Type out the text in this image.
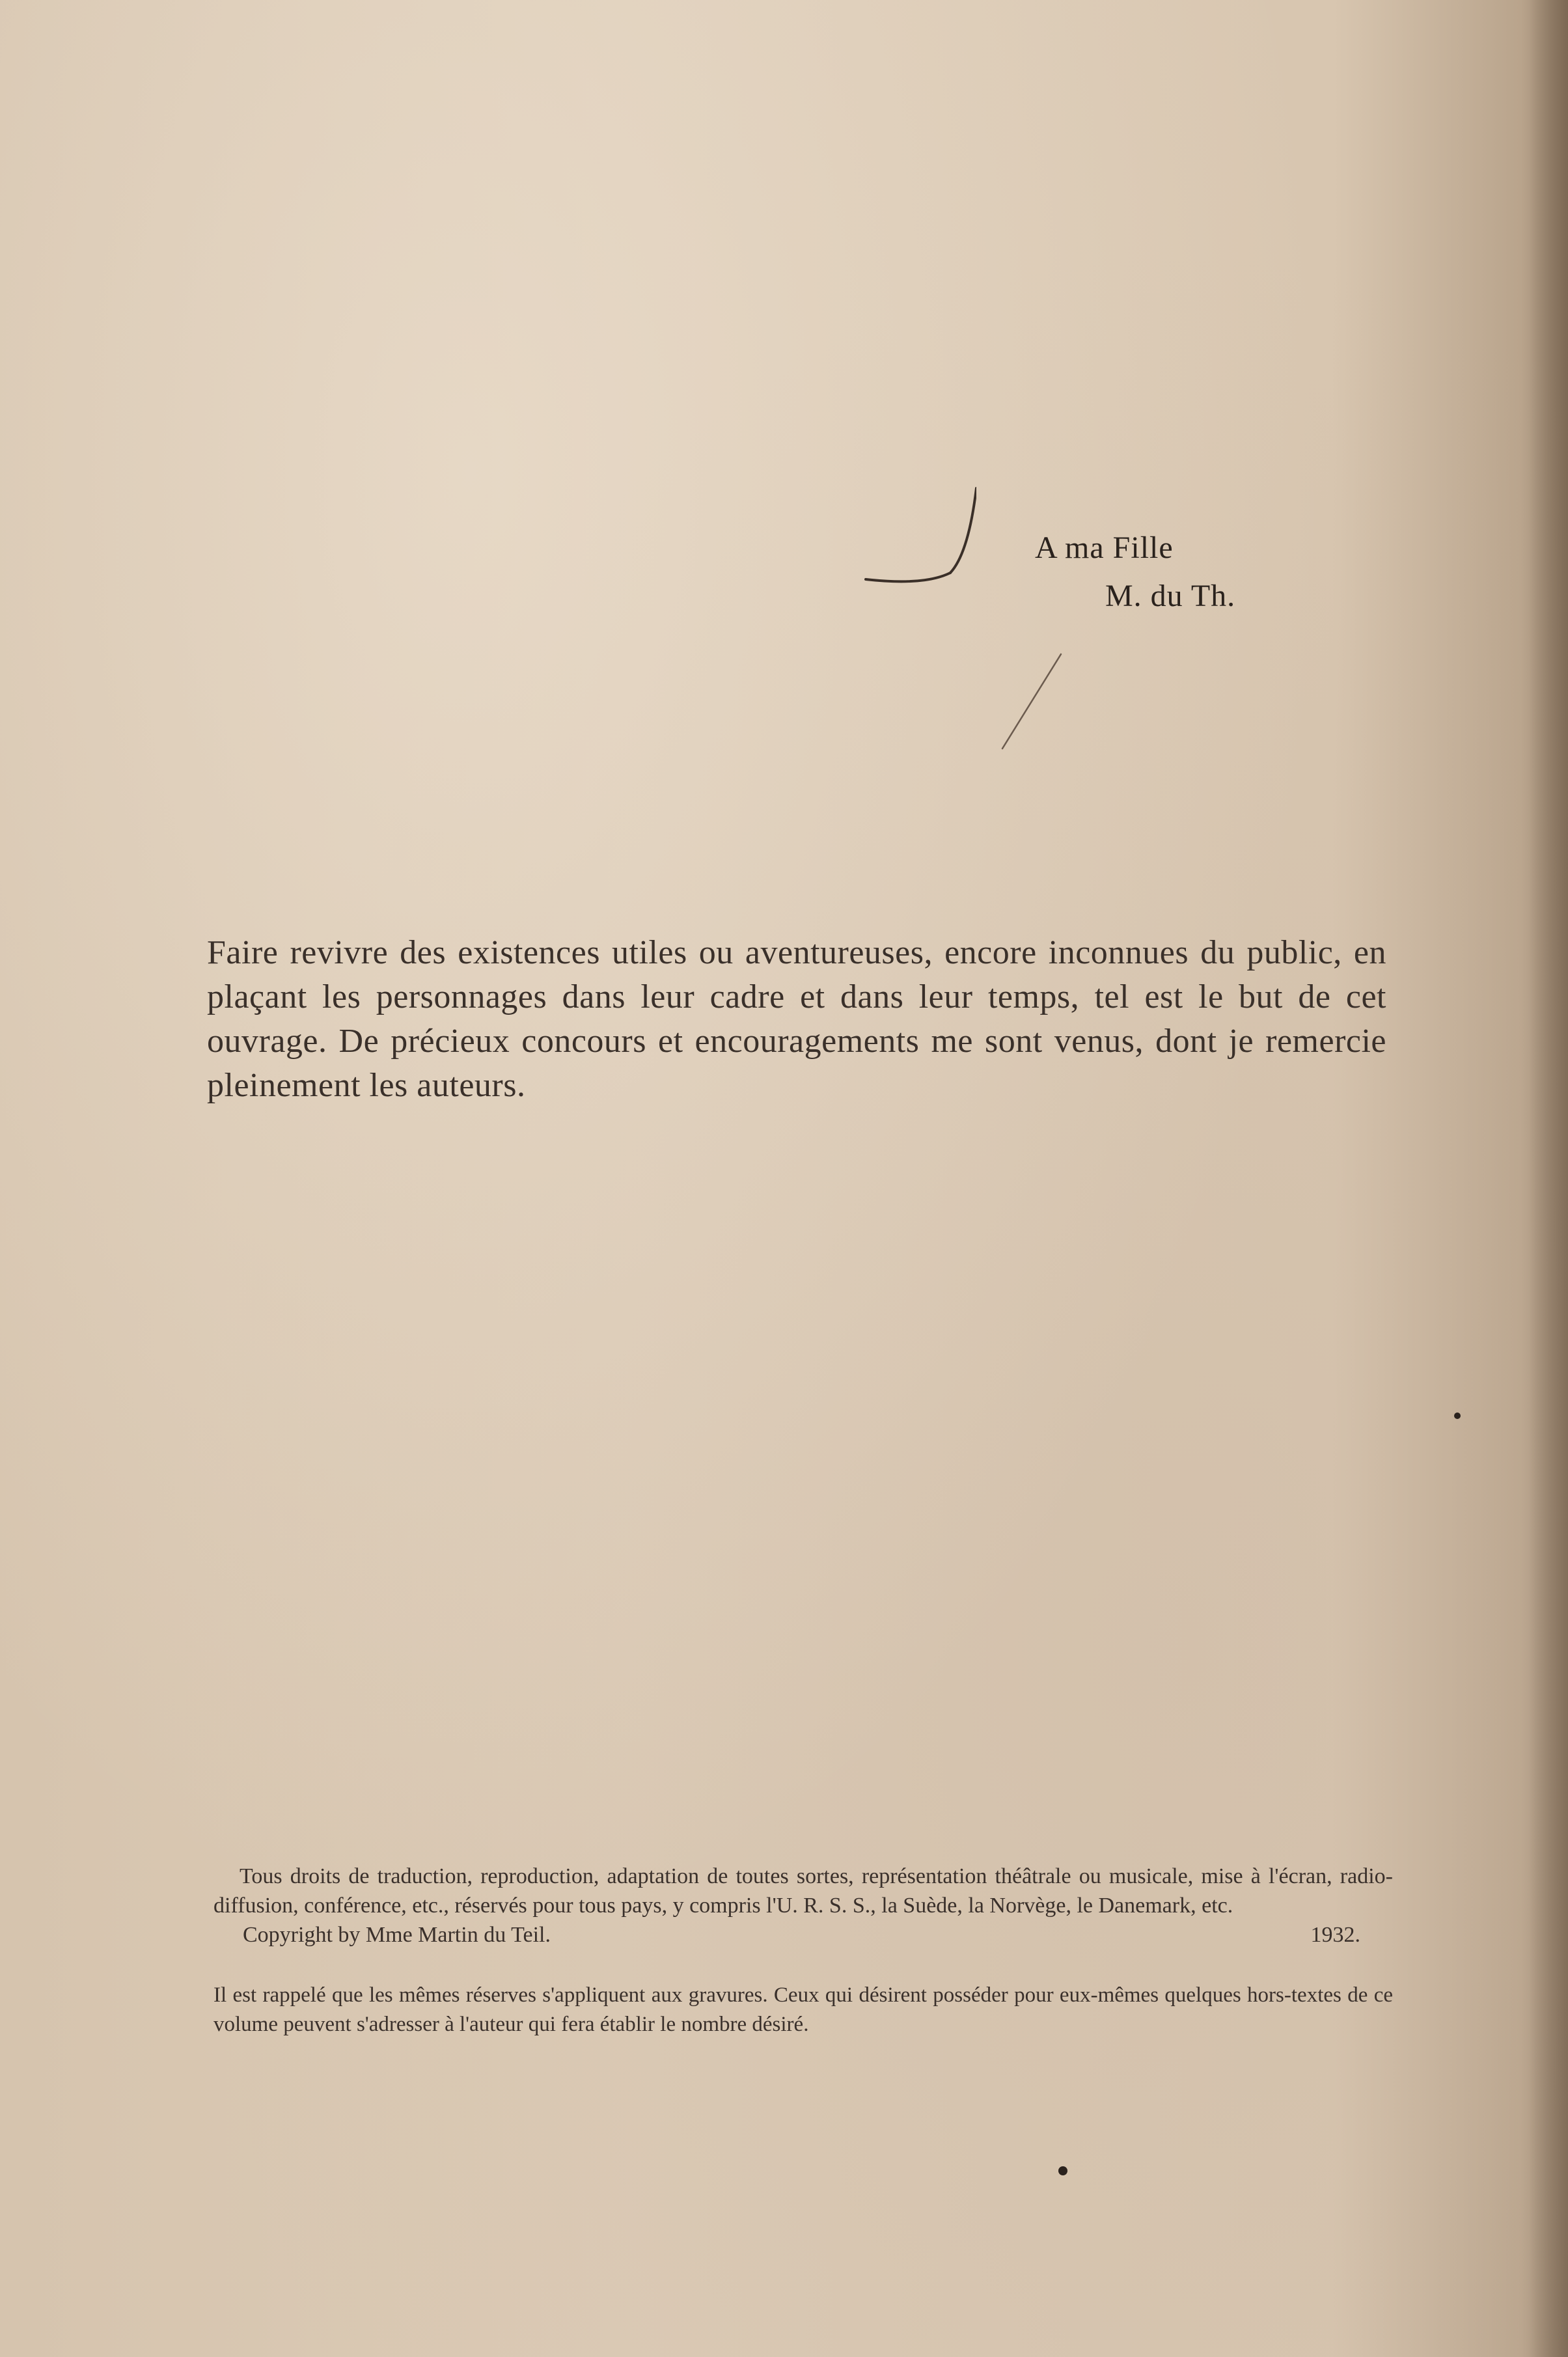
A ma Fille
M. du Th.

Faire revivre des existences utiles ou aventureuses, encore inconnues du public, en plaçant les personnages dans leur cadre et dans leur temps, tel est le but de cet ouvrage. De précieux concours et encouragements me sont venus, dont je remercie pleinement les auteurs.

Tous droits de traduction, reproduction, adaptation de toutes sortes, représentation théâtrale ou musicale, mise à l'écran, radio-diffusion, conférence, etc., réservés pour tous pays, y compris l'U. R. S. S., la Suède, la Norvège, le Danemark, etc.

Copyright by Mme Martin du Teil.	1932.

Il est rappelé que les mêmes réserves s'appliquent aux gravures. Ceux qui désirent posséder pour eux-mêmes quelques hors-textes de ce volume peuvent s'adresser à l'auteur qui fera établir le nombre désiré.
